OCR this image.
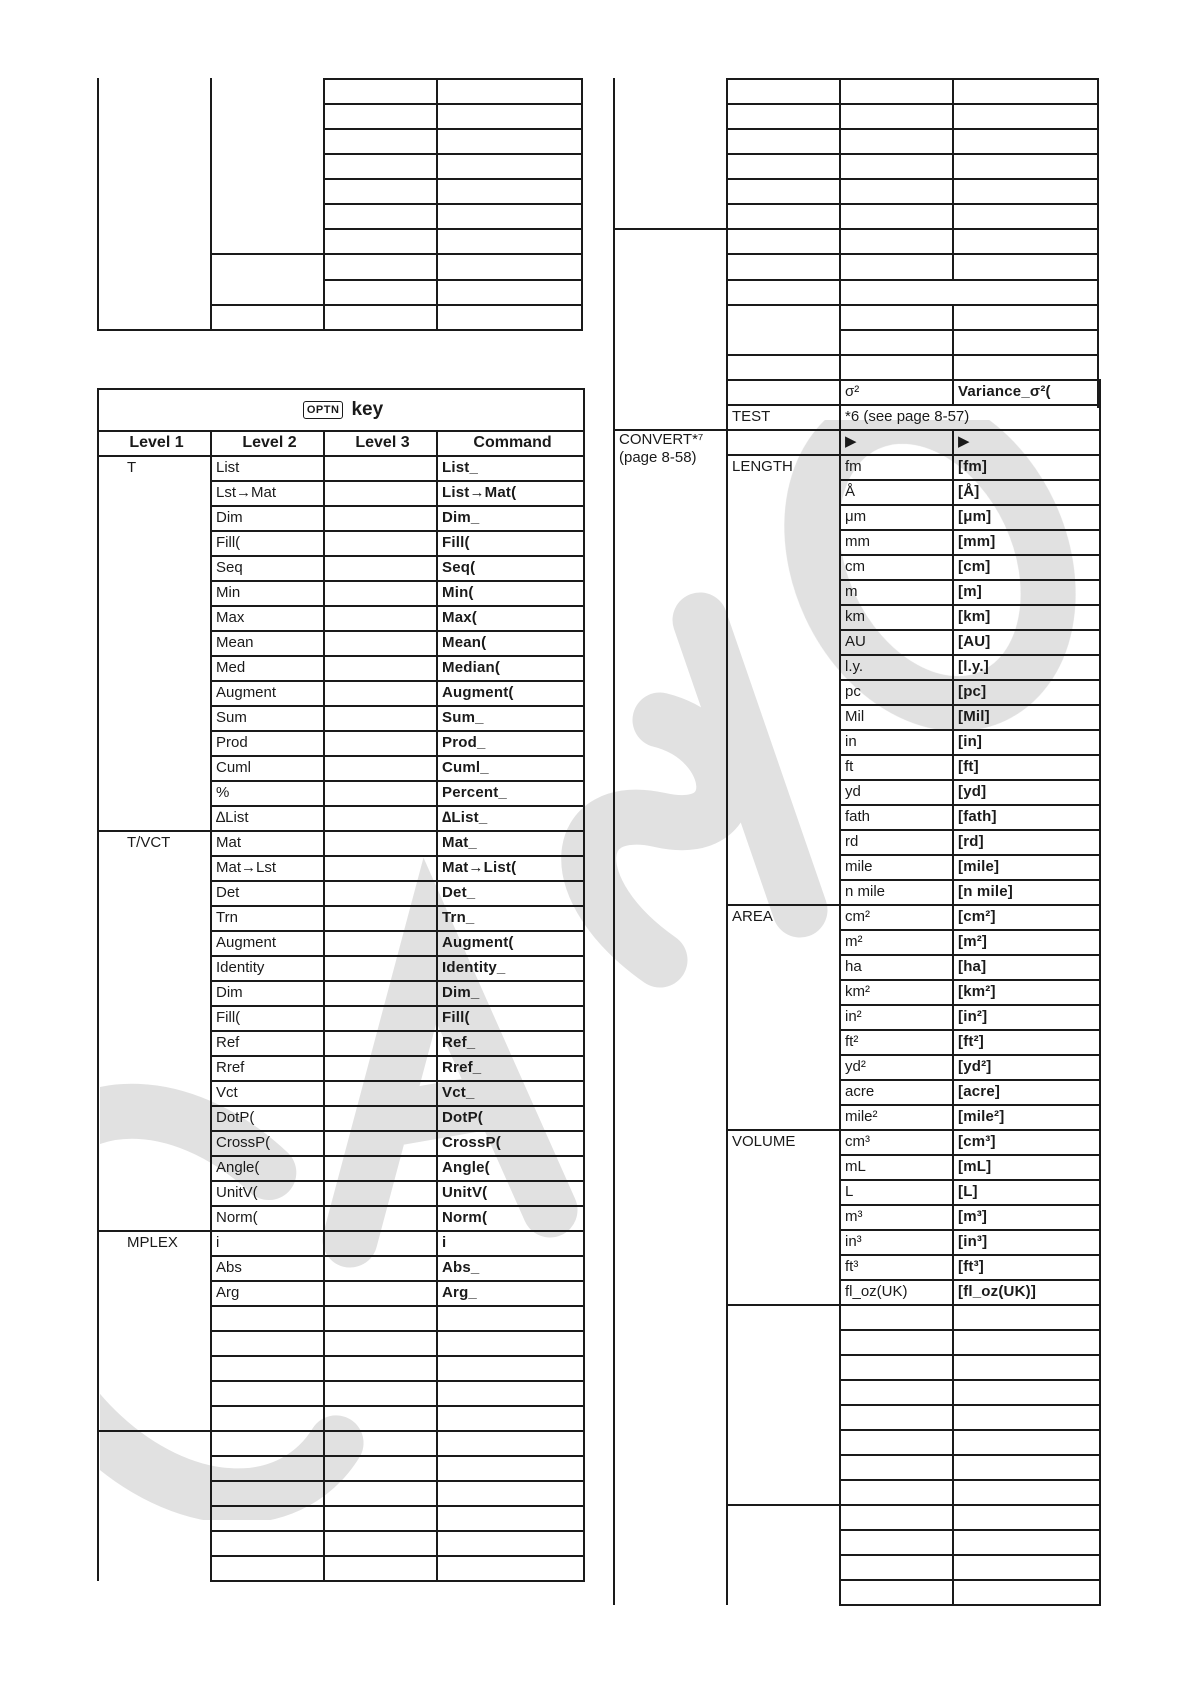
OPTN key			
Level 1	Level 2	Level 3	Command
T	List		List_
	Lst→Mat		List→Mat(
	Dim		Dim_
	Fill(		Fill(
	Seq		Seq(
	Min		Min(
	Max		Max(
	Mean		Mean(
	Med		Median(
	Augment		Augment(
	Sum		Sum_
	Prod		Prod_
	Cuml		Cuml_
	%		Percent_
	∆List		∆List_
T/VCT	Mat		Mat_
	Mat→Lst		Mat→List(
	Det		Det_
	Trn		Trn_
	Augment		Augment(
	Identity		Identity_
	Dim		Dim_
	Fill(		Fill(
	Ref		Ref_
	Rref		Rref_
	Vct		Vct_
	DotP(		DotP(
	CrossP(		CrossP(
	Angle(		Angle(
	UnitV(		UnitV(
	Norm(		Norm(
MPLEX	i		i
	Abs		Abs_
	Arg		Arg_

		σ²	Variance_σ²(
	TEST	*6 (see page 8-57)	

CONVERT*⁷
(page 8-58)		▶	▶
	LENGTH	fm	[fm]
		Å	[Å]
		μm	[μm]
		mm	[mm]
		cm	[cm]
		m	[m]
		km	[km]
		AU	[AU]
		l.y.	[l.y.]
		pc	[pc]
		Mil	[Mil]
		in	[in]
		ft	[ft]
		yd	[yd]
		fath	[fath]
		rd	[rd]
		mile	[mile]
		n mile	[n mile]
	AREA	cm²	[cm²]
		m²	[m²]
		ha	[ha]
		km²	[km²]
		in²	[in²]
		ft²	[ft²]
		yd²	[yd²]
		acre	[acre]
		mile²	[mile²]
	VOLUME	cm³	[cm³]
		mL	[mL]
		L	[L]
		m³	[m³]
		in³	[in³]
		ft³	[ft³]
		fl_oz(UK)	[fl_oz(UK)]
